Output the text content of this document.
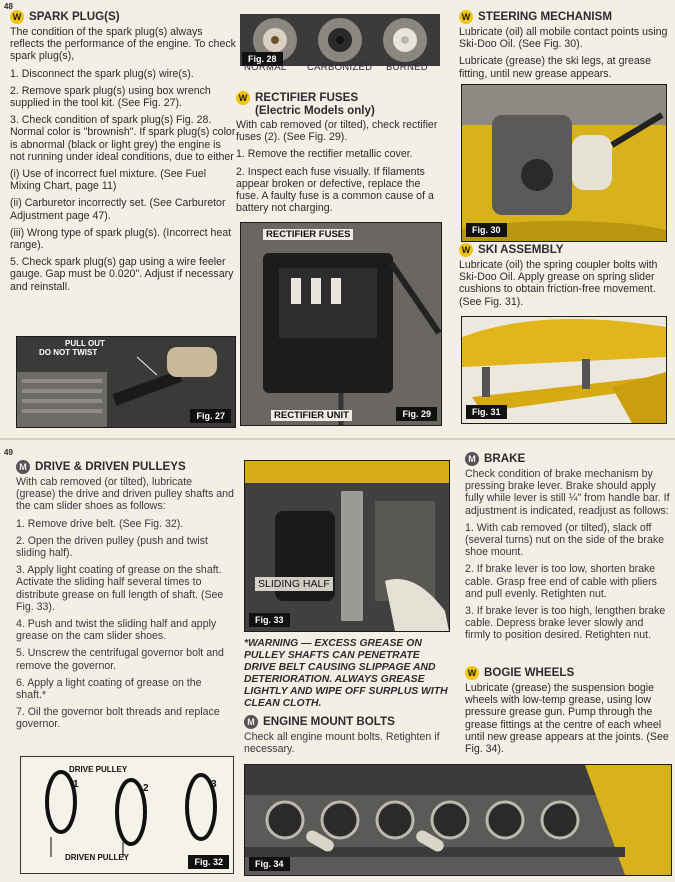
48
W SPARK PLUG(S)

The condition of the spark plug(s) always reflects the performance of the engine. To check spark plug(s),

1. Disconnect the spark plug(s) wire(s).

2. Remove spark plug(s) using box wrench supplied in the tool kit. (See Fig. 27).

3. Check condition of spark plug(s) Fig. 28. Normal color is "brownish". If spark plug(s) color is abnormal (black or light grey) the engine is not running under ideal conditions, due to either

(i) Use of incorrect fuel mixture. (See Fuel Mixing Chart, page 11)

(ii) Carburetor incorrectly set. (See Carburetor Adjustment page 47).

(iii) Wrong type of spark plug(s). (Incorrect heat range).

5. Check spark plug(s) gap using a wire feeler gauge. Gap must be 0.020". Adjust if necessary and reinstall.

PULL OUT
DO NOT TWIST
Fig. 27
Fig. 28
NORMAL CARBONIZED BURNED
W RECTIFIER FUSES
(Electric Models only)

With cab removed (or tilted), check rectifier fuses (2). (See Fig. 29).

1. Remove the rectifier metallic cover.

2. Inspect each fuse visually. If filaments appear broken or defective, replace the fuse. A faulty fuse is a common cause of a battery not charging.

RECTIFIER FUSES
RECTIFIER UNIT	Fig. 29
W STEERING MECHANISM

Lubricate (oil) all mobile contact points using Ski-Doo Oil. (See Fig. 30).

Lubricate (grease) the ski legs, at grease fitting, until new grease appears.

Fig. 30
W SKI ASSEMBLY

Lubricate (oil) the spring coupler bolts with Ski-Doo Oil. Apply grease on spring slider cushions to obtain friction-free movement. (See Fig. 31).

Fig. 31
49
M DRIVE & DRIVEN PULLEYS

With cab removed (or tilted), lubricate (grease) the drive and driven pulley shafts and the cam slider shoes as follows:

1. Remove drive belt. (See Fig. 32).

2. Open the driven pulley (push and twist sliding half).

3. Apply light coating of grease on the shaft. Activate the sliding half several times to distribute grease on full length of shaft. (See Fig. 33).

4. Push and twist the sliding half and apply grease on the cam slider shoes.

5. Unscrew the centrifugal governor bolt and remove the governor.

6. Apply a light coating of grease on the shaft.*

7. Oil the governor bolt threads and replace governor.

DRIVE PULLEY
DRIVEN PULLEY
1	2	3
Fig. 32
SLIDING HALF
Fig. 33

*WARNING — EXCESS GREASE ON PULLEY SHAFTS CAN PENETRATE DRIVE BELT CAUSING SLIPPAGE AND DETERIORATION. ALWAYS GREASE LIGHTLY AND WIPE OFF SURPLUS WITH CLEAN CLOTH.

M ENGINE MOUNT BOLTS

Check all engine mount bolts. Retighten if necessary.

M BRAKE

Check condition of brake mechanism by pressing brake lever. Brake should apply fully while lever is still ¼" from handle bar. If adjustment is indicated, readjust as follows:

1. With cab removed (or tilted), slack off (several turns) nut on the side of the brake shoe mount.

2. If brake lever is too low, shorten brake cable. Grasp free end of cable with pliers and pull evenly. Retighten nut.

3. If brake lever is too high, lengthen brake cable. Depress brake lever slowly and firmly to position desired. Retighten nut.

W BOGIE WHEELS

Lubricate (grease) the suspension bogie wheels with low-temp grease, using low pressure grease gun. Pump through the grease fittings at the centre of each wheel until new grease appears at the joints. (See Fig. 34).

Fig. 34
